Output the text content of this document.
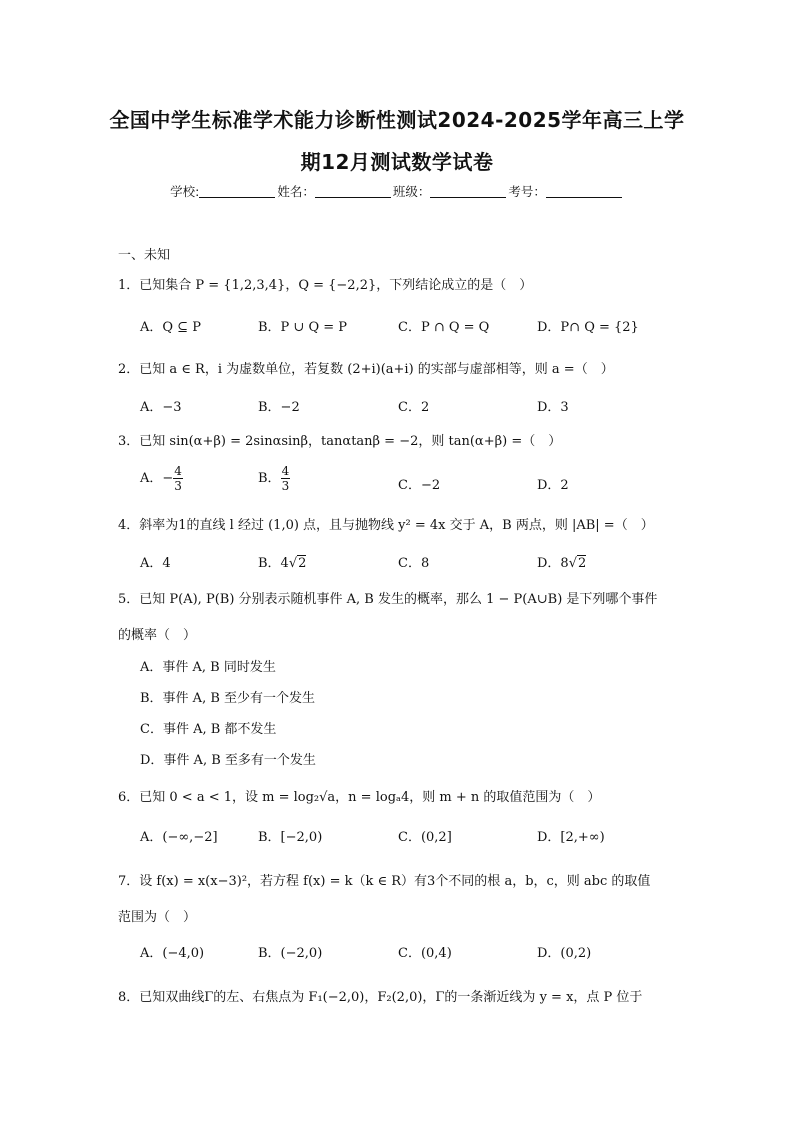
全国中学生标准学术能力诊断性测试2024-2025学年高三上学
期12月测试数学试卷
学校:	姓名：	班级：	考号：
一、未知
1．已知集合 P = {1,2,3,4}，Q = {−2,2}，下列结论成立的是（　）
A．Q ⊆ P	B．P ∪ Q = P	C．P ∩ Q = Q	D．P∩ Q = {2}
2．已知 a ∈ R，i 为虚数单位，若复数 (2+i)(a+i) 的实部与虚部相等，则 a =（　）
A．−3	B．−2	C．2	D．3
3．已知 sin(α+β) = 2sinαsinβ，tanαtanβ = −2，则 tan(α+β) =（　）
A．− $\frac{4}{3}$	B． $\frac{4}{3}$	C．−2	D．2
4．斜率为1的直线 l 经过 (1,0) 点，且与抛物线 y² = 4x 交于 A，B 两点，则 |AB| =（　）
A．4	B．4√2	C．8	D．8√2
5．已知 P(A), P(B) 分别表示随机事件 A, B 发生的概率，那么 1 − P(A∪B) 是下列哪个事件
的概率（　）
A．事件 A, B 同时发生
B．事件 A, B 至少有一个发生
C．事件 A, B 都不发生
D．事件 A, B 至多有一个发生
6．已知 0 < a < 1，设 m = log₂√a，n = logₐ4，则 m + n 的取值范围为（　）
A．(−∞,−2]	B．[−2,0)	C．(0,2]	D．[2,+∞)
7．设 f(x) = x(x−3)²，若方程 f(x) = k（k ∈ R）有3个不同的根 a，b，c，则 abc 的取值
范围为（　）
A．(−4,0)	B．(−2,0)	C．(0,4)	D．(0,2)
8．已知双曲线Γ的左、右焦点为 F₁(−2,0)，F₂(2,0)，Γ的一条渐近线为 y = x，点 P 位于
